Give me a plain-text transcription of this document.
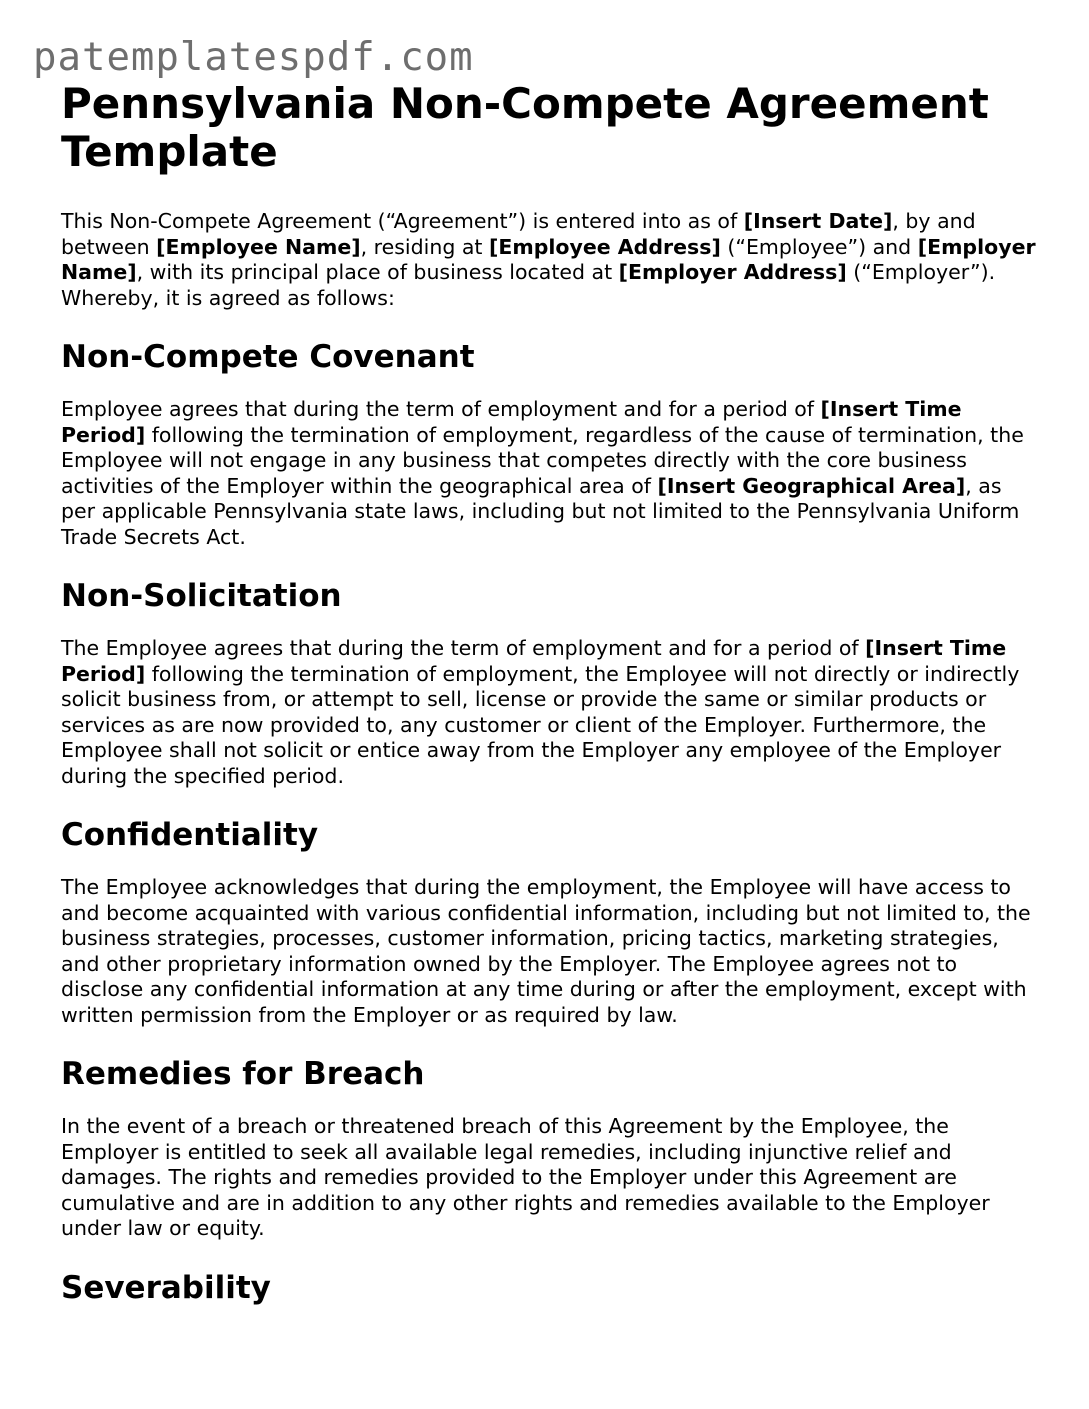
patemplatespdf.com
Pennsylvania Non-Compete Agreement Template

This Non-Compete Agreement (“Agreement”) is entered into as of [Insert Date], by and between [Employee Name], residing at [Employee Address] (“Employee”) and [Employer Name], with its principal place of business located at [Employer Address] (“Employer”). Whereby, it is agreed as follows:

Non-Compete Covenant

Employee agrees that during the term of employment and for a period of [Insert Time Period] following the termination of employment, regardless of the cause of termination, the Employee will not engage in any business that competes directly with the core business activities of the Employer within the geographical area of [Insert Geographical Area], as per applicable Pennsylvania state laws, including but not limited to the Pennsylvania Uniform Trade Secrets Act.

Non-Solicitation

The Employee agrees that during the term of employment and for a period of [Insert Time Period] following the termination of employment, the Employee will not directly or indirectly solicit business from, or attempt to sell, license or provide the same or similar products or services as are now provided to, any customer or client of the Employer. Furthermore, the Employee shall not solicit or entice away from the Employer any employee of the Employer during the specified period.

Confidentiality

The Employee acknowledges that during the employment, the Employee will have access to and become acquainted with various confidential information, including but not limited to, the business strategies, processes, customer information, pricing tactics, marketing strategies, and other proprietary information owned by the Employer. The Employee agrees not to disclose any confidential information at any time during or after the employment, except with written permission from the Employer or as required by law.

Remedies for Breach

In the event of a breach or threatened breach of this Agreement by the Employee, the Employer is entitled to seek all available legal remedies, including injunctive relief and damages. The rights and remedies provided to the Employer under this Agreement are cumulative and are in addition to any other rights and remedies available to the Employer under law or equity.

Severability
